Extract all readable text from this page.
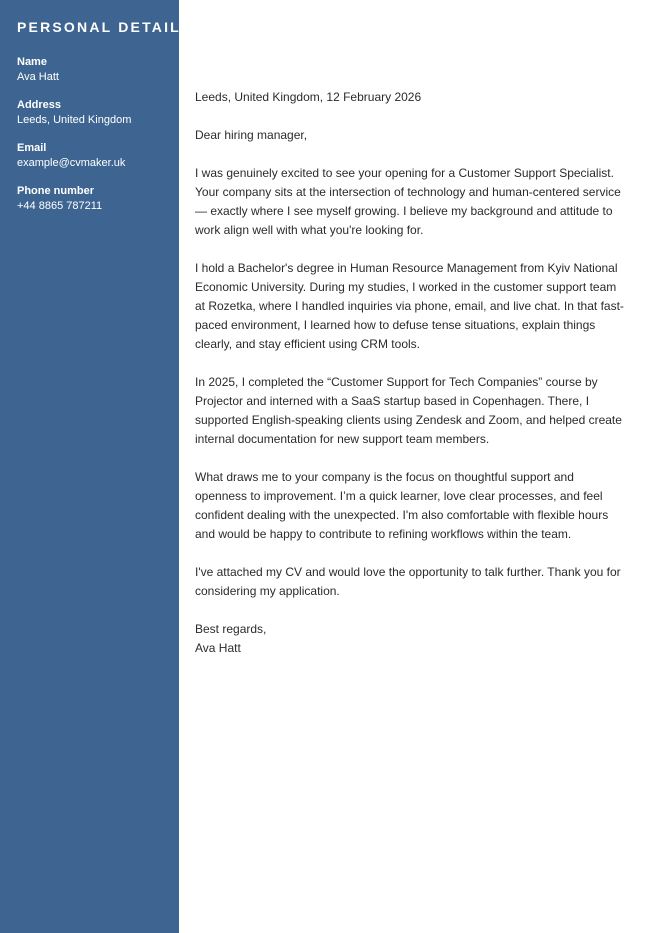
PERSONAL DETAILS
Name
Ava Hatt
Address
Leeds, United Kingdom
Email
example@cvmaker.uk
Phone number
+44 8865 787211

Leeds, United Kingdom, 12 February 2026

Dear hiring manager,

I was genuinely excited to see your opening for a Customer Support Specialist. Your company sits at the intersection of technology and human-centered service — exactly where I see myself growing. I believe my background and attitude to work align well with what you're looking for.

I hold a Bachelor's degree in Human Resource Management from Kyiv National Economic University. During my studies, I worked in the customer support team at Rozetka, where I handled inquiries via phone, email, and live chat. In that fast-paced environment, I learned how to defuse tense situations, explain things clearly, and stay efficient using CRM tools.

In 2025, I completed the “Customer Support for Tech Companies” course by Projector and interned with a SaaS startup based in Copenhagen. There, I supported English-speaking clients using Zendesk and Zoom, and helped create internal documentation for new support team members.

What draws me to your company is the focus on thoughtful support and openness to improvement. I’m a quick learner, love clear processes, and feel confident dealing with the unexpected. I'm also comfortable with flexible hours and would be happy to contribute to refining workflows within the team.

I've attached my CV and would love the opportunity to talk further. Thank you for considering my application.

Best regards,

Ava Hatt
